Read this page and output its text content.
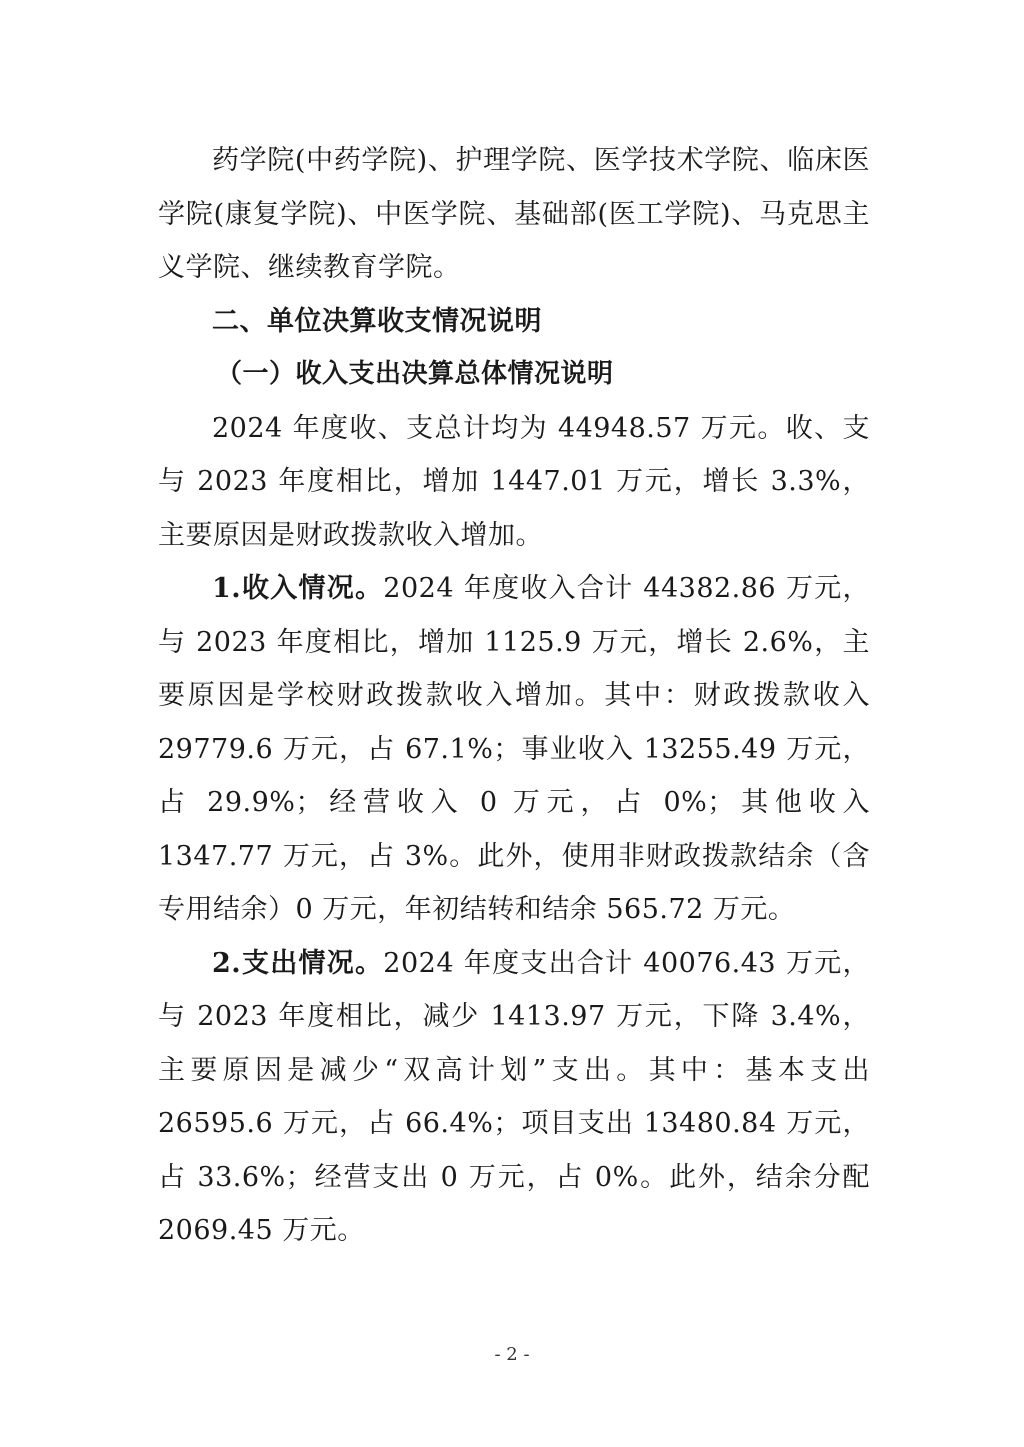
药学院(中药学院)、护理学院、医学技术学院、临床医学院(康复学院)、中医学院、基础部(医工学院)、马克思主义学院、继续教育学院。

二、单位决算收支情况说明

（一）收入支出决算总体情况说明

2024 年度收、支总计均为 44948.57 万元。收、支与 2023 年度相比，增加 1447.01 万元，增长 3.3%，主要原因是财政拨款收入增加。

1.收入情况。2024 年度收入合计 44382.86 万元，与 2023 年度相比，增加 1125.9 万元，增长 2.6%，主要原因是学校财政拨款收入增加。其中：财政拨款收入 29779.6 万元，占 67.1%；事业收入 13255.49 万元，占 29.9%；经营收入 0 万元，占 0%；其他收入 1347.77 万元，占 3%。此外，使用非财政拨款结余（含专用结余）0 万元，年初结转和结余 565.72 万元。

2.支出情况。2024 年度支出合计 40076.43 万元，与 2023 年度相比，减少 1413.97 万元，下降 3.4%，主要原因是减少“双高计划”支出。其中：基本支出 26595.6 万元，占 66.4%；项目支出 13480.84 万元，占 33.6%；经营支出 0 万元，占 0%。此外，结余分配 2069.45 万元。

- 2 -
